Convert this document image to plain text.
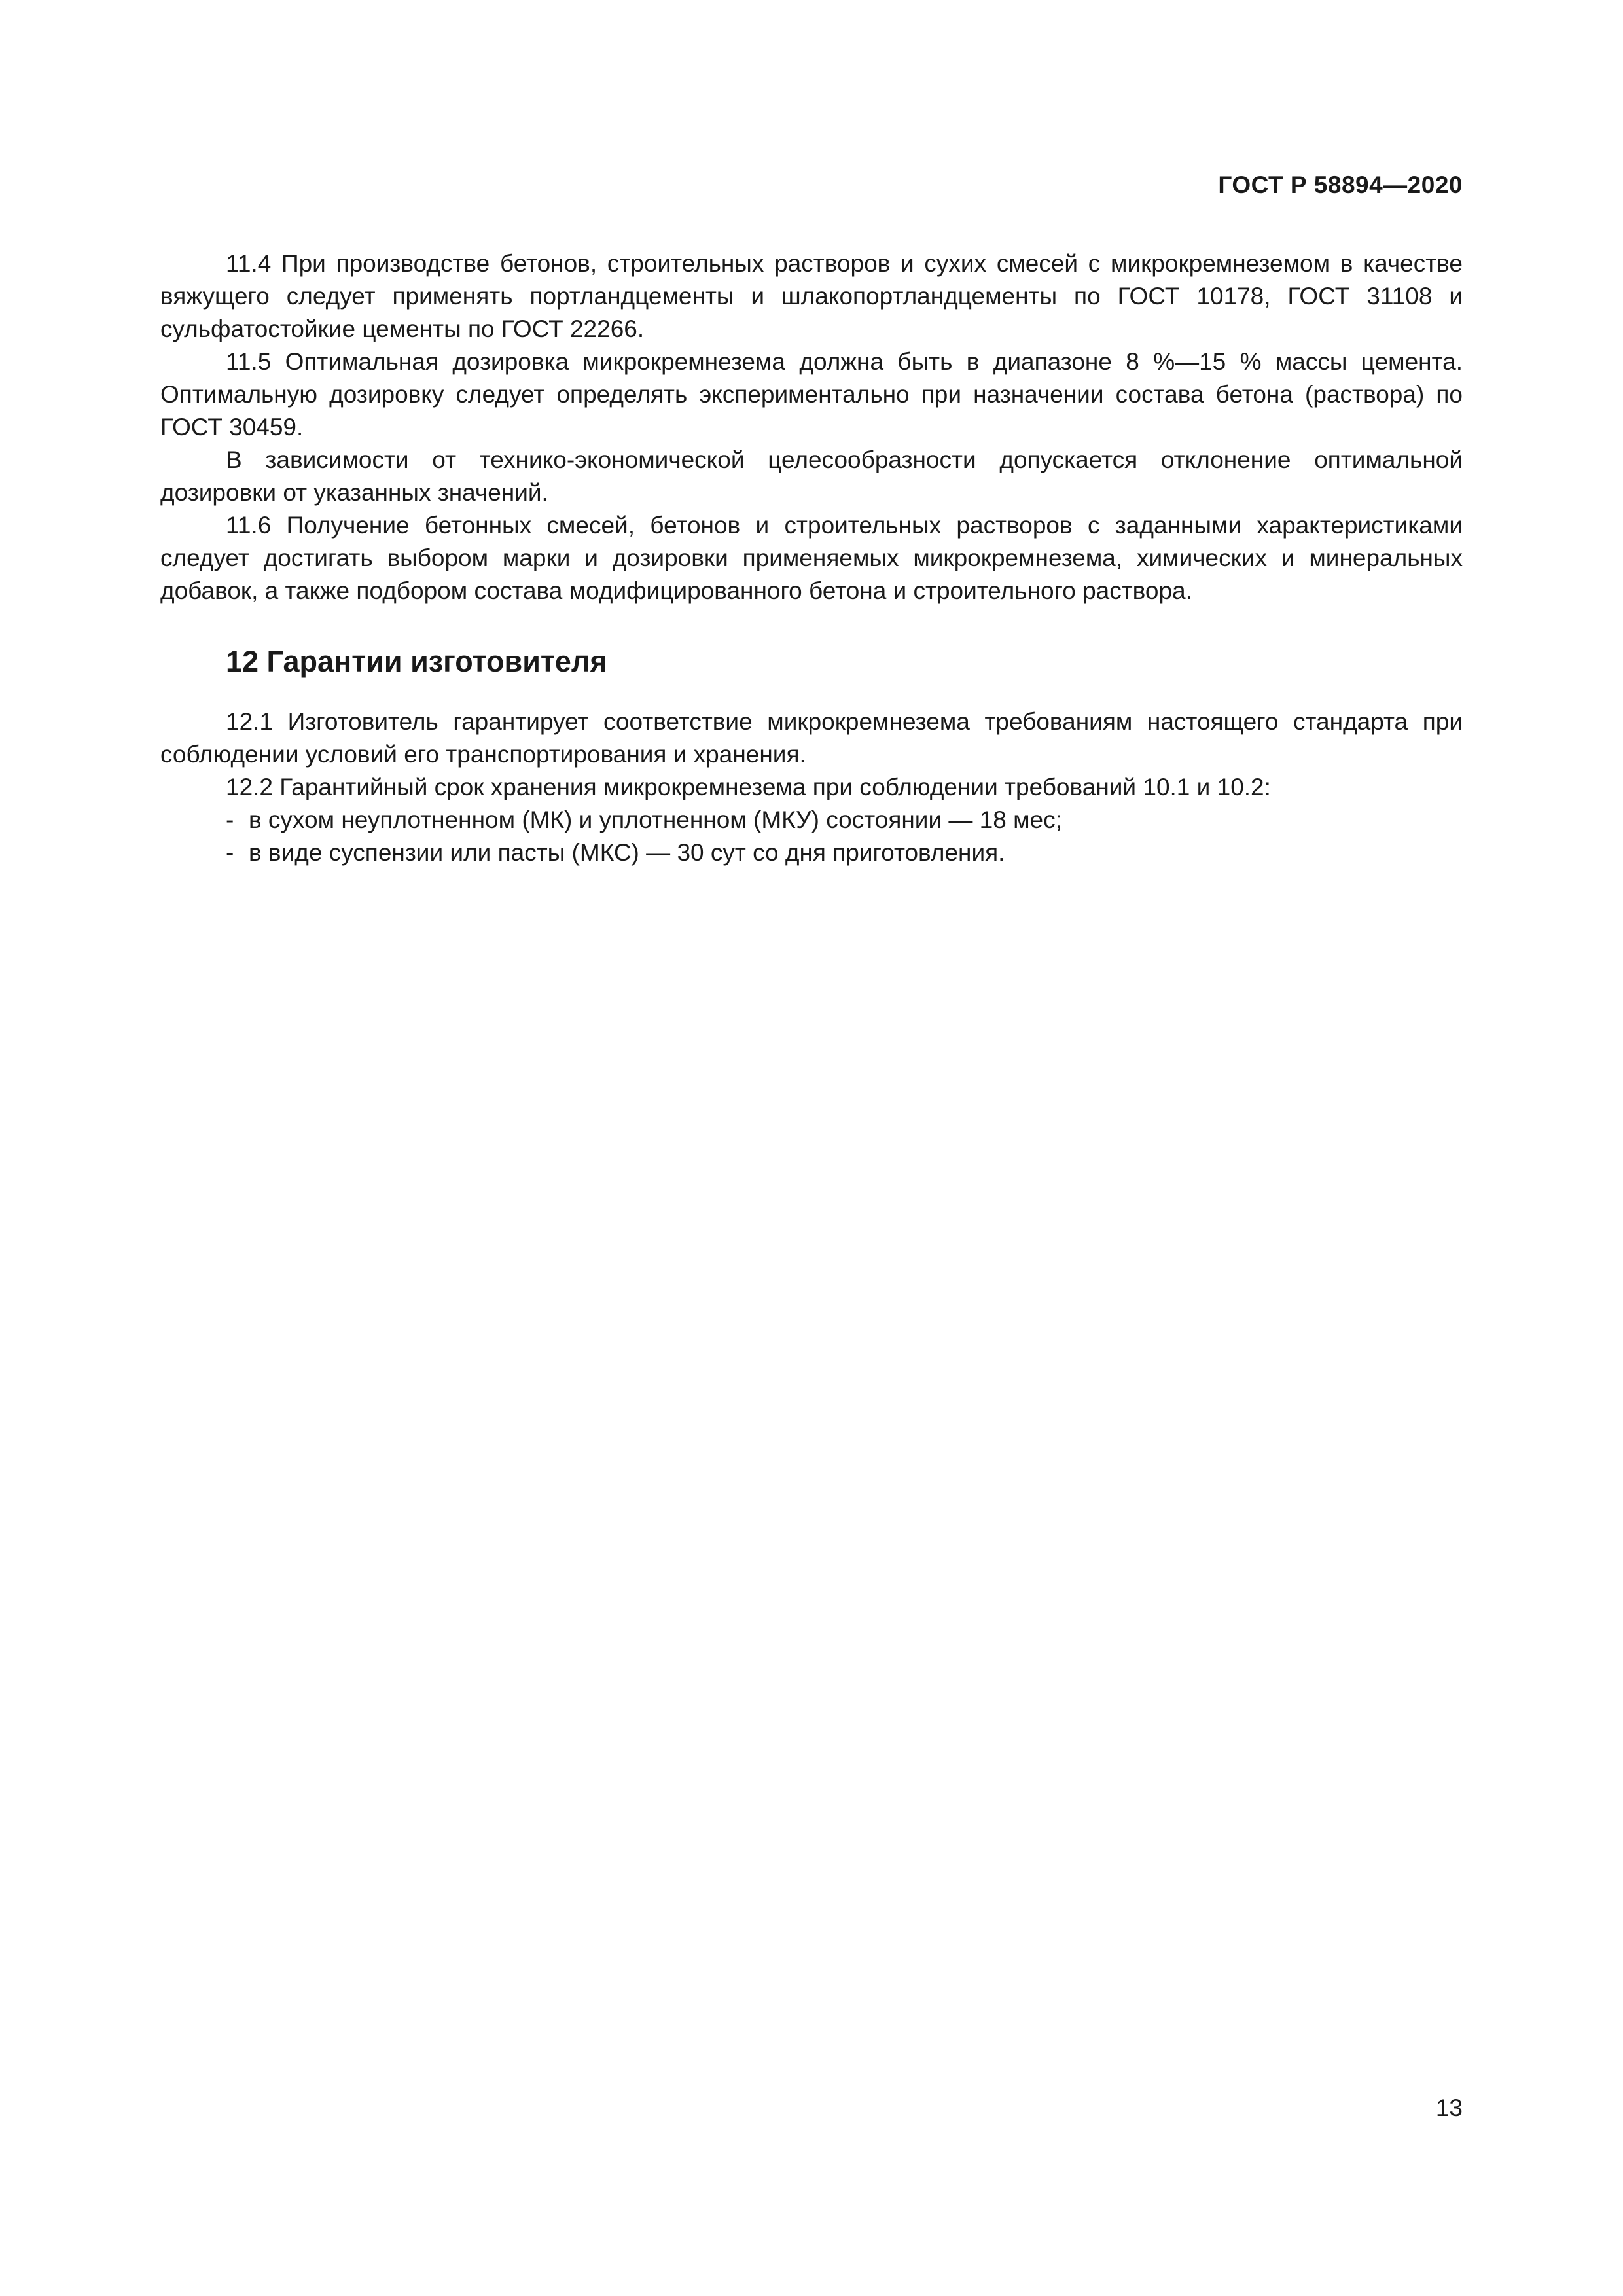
ГОСТ Р 58894—2020

11.4 При производстве бетонов, строительных растворов и сухих смесей с микрокремнеземом в качестве вяжущего следует применять портландцементы и шлакопортландцементы по ГОСТ 10178, ГОСТ 31108 и сульфатостойкие цементы по ГОСТ 22266.

11.5 Оптимальная дозировка микрокремнезема должна быть в диапазоне 8 %—15 % массы цемента. Оптимальную дозировку следует определять экспериментально при назначении состава бетона (раствора) по ГОСТ 30459.

В зависимости от технико-экономической целесообразности допускается отклонение оптимальной дозировки от указанных значений.

11.6 Получение бетонных смесей, бетонов и строительных растворов с заданными характеристиками следует достигать выбором марки и дозировки применяемых микрокремнезема, химических и минеральных добавок, а также подбором состава модифицированного бетона и строительного раствора.

12 Гарантии изготовителя

12.1 Изготовитель гарантирует соответствие микрокремнезема требованиям настоящего стандарта при соблюдении условий его транспортирования и хранения.

12.2 Гарантийный срок хранения микрокремнезема при соблюдении требований 10.1 и 10.2:

- в сухом неуплотненном (МК) и уплотненном (МКУ) состоянии — 18 мес;
- в виде суспензии или пасты (МКС) — 30 сут со дня приготовления.
13
